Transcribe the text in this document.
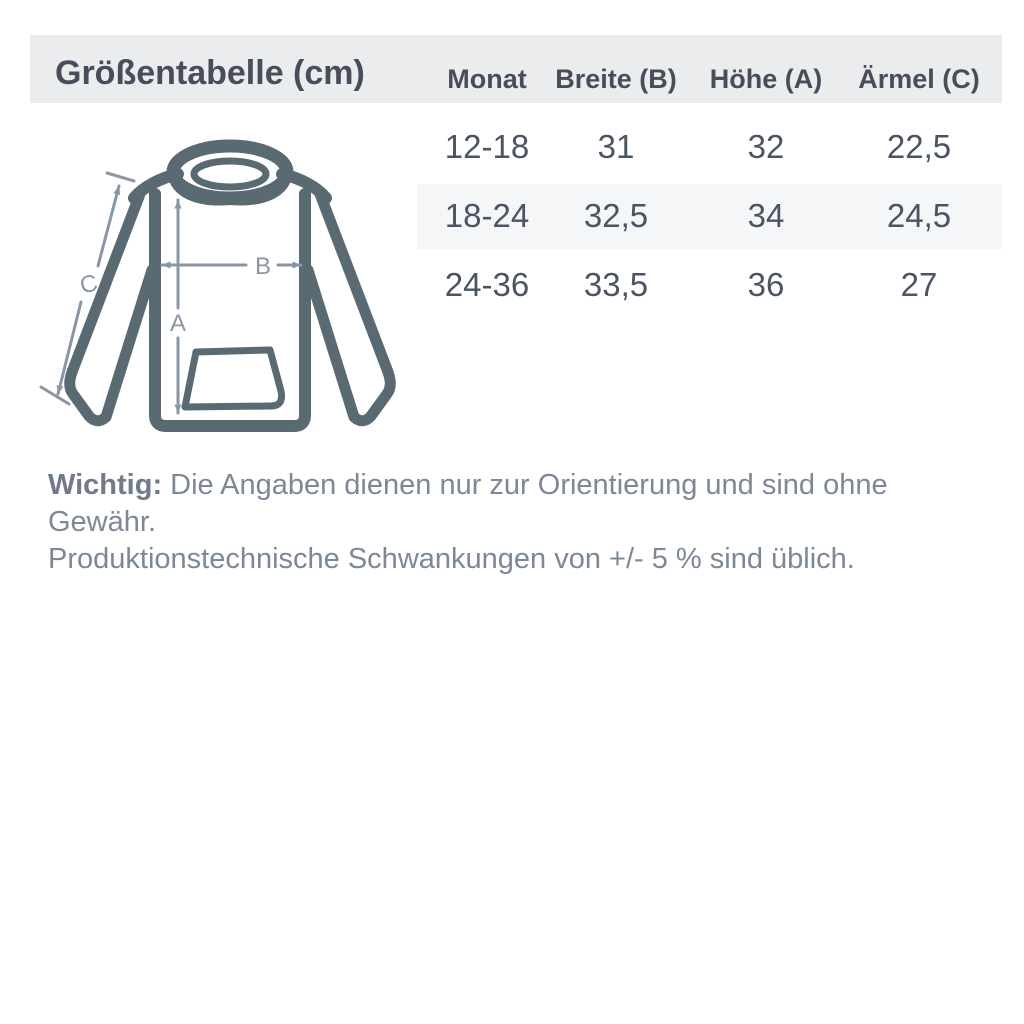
Größentabelle (cm)	Monat	Breite (B)	Höhe (A)	Ärmel (C)
12-18	31	32	22,5
18-24	32,5	34	24,5
24-36	33,5	36	27
A
B
C
Wichtig: Die Angaben dienen nur zur Orientierung und sind ohne Gewähr.
Produktionstechnische Schwankungen von +/- 5 % sind üblich.
